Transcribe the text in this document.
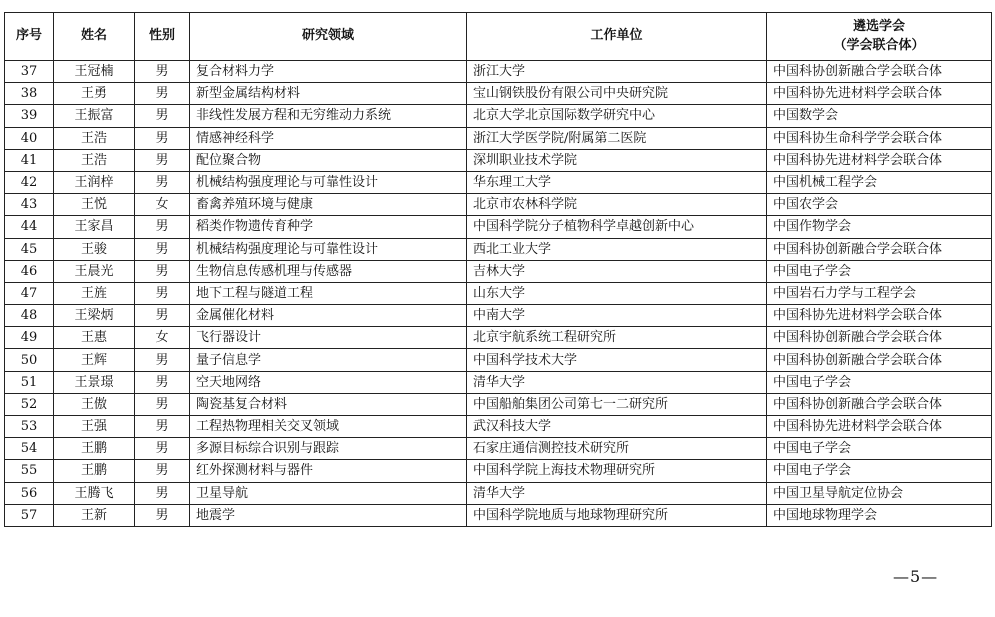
序号	姓名	性别	研究领域	工作单位	遴选学会
（学会联合体）

37	王冠楠	男	复合材料力学	浙江大学	中国科协创新融合学会联合体
38	王勇	男	新型金属结构材料	宝山钢铁股份有限公司中央研究院	中国科协先进材料学会联合体
39	王振富	男	非线性发展方程和无穷维动力系统	北京大学北京国际数学研究中心	中国数学会
40	王浩	男	情感神经科学	浙江大学医学院/附属第二医院	中国科协生命科学学会联合体
41	王浩	男	配位聚合物	深圳职业技术学院	中国科协先进材料学会联合体
42	王润梓	男	机械结构强度理论与可靠性设计	华东理工大学	中国机械工程学会
43	王悦	女	畜禽养殖环境与健康	北京市农林科学院	中国农学会
44	王家昌	男	稻类作物遗传育种学	中国科学院分子植物科学卓越创新中心	中国作物学会
45	王骏	男	机械结构强度理论与可靠性设计	西北工业大学	中国科协创新融合学会联合体
46	王晨光	男	生物信息传感机理与传感器	吉林大学	中国电子学会
47	王旌	男	地下工程与隧道工程	山东大学	中国岩石力学与工程学会
48	王梁炳	男	金属催化材料	中南大学	中国科协先进材料学会联合体
49	王惠	女	飞行器设计	北京宇航系统工程研究所	中国科协创新融合学会联合体
50	王辉	男	量子信息学	中国科学技术大学	中国科协创新融合学会联合体
51	王景璟	男	空天地网络	清华大学	中国电子学会
52	王傲	男	陶瓷基复合材料	中国船舶集团公司第七一二研究所	中国科协创新融合学会联合体
53	王强	男	工程热物理相关交叉领域	武汉科技大学	中国科协先进材料学会联合体
54	王鹏	男	多源目标综合识别与跟踪	石家庄通信测控技术研究所	中国电子学会
55	王鹏	男	红外探测材料与器件	中国科学院上海技术物理研究所	中国电子学会
56	王腾飞	男	卫星导航	清华大学	中国卫星导航定位协会
57	王新	男	地震学	中国科学院地质与地球物理研究所	中国地球物理学会
—5—
